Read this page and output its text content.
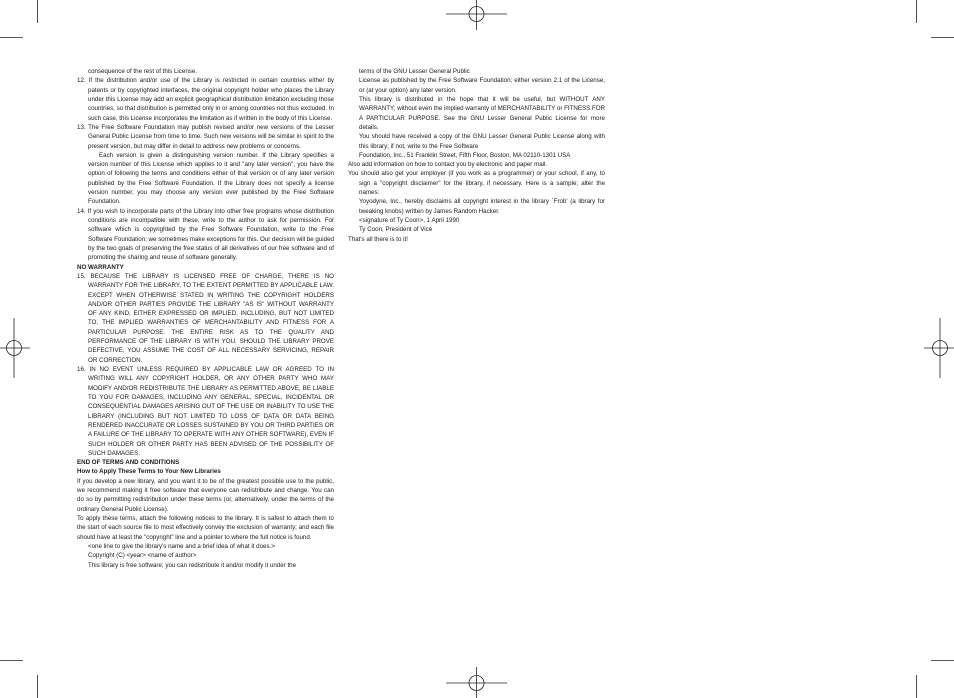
consequence of the rest of this License.

12. If the distribution and/or use of the Library is restricted in certain countries either by patents or by copyrighted interfaces, the original copyright holder who places the Library under this License may add an explicit geographical distribution limitation excluding those countries, so that distribution is permitted only in or among countries not thus excluded. In such case, this License incorporates the limitation as if written in the body of this License.

13. The Free Software Foundation may publish revised and/or new versions of the Lesser General Public License from time to time. Such new versions will be similar in spirit to the present version, but may differ in detail to address new problems or concerns.

Each version is given a distinguishing version number. If the Library specifies a version number of this License which applies to it and "any later version", you have the option of following the terms and conditions either of that version or of any later version published by the Free Software Foundation. If the Library does not specify a license version number, you may choose any version ever published by the Free Software Foundation.

14. If you wish to incorporate parts of the Library into other free programs whose distribution conditions are incompatible with these, write to the author to ask for permission. For software which is copyrighted by the Free Software Foundation, write to the Free Software Foundation; we sometimes make exceptions for this. Our decision will be guided by the two goals of preserving the free status of all derivatives of our free software and of promoting the sharing and reuse of software generally.

NO WARRANTY

15. BECAUSE THE LIBRARY IS LICENSED FREE OF CHARGE, THERE IS NO WARRANTY FOR THE LIBRARY, TO THE EXTENT PERMITTED BY APPLICABLE LAW. EXCEPT WHEN OTHERWISE STATED IN WRITING THE COPYRIGHT HOLDERS AND/OR OTHER PARTIES PROVIDE THE LIBRARY "AS IS" WITHOUT WARRANTY OF ANY KIND, EITHER EXPRESSED OR IMPLIED, INCLUDING, BUT NOT LIMITED TO, THE IMPLIED WARRANTIES OF MERCHANTABILITY AND FITNESS FOR A PARTICULAR PURPOSE. THE ENTIRE RISK AS TO THE QUALITY AND PERFORMANCE OF THE LIBRARY IS WITH YOU. SHOULD THE LIBRARY PROVE DEFECTIVE, YOU ASSUME THE COST OF ALL NECESSARY SERVICING, REPAIR OR CORRECTION.

16. IN NO EVENT UNLESS REQUIRED BY APPLICABLE LAW OR AGREED TO IN WRITING WILL ANY COPYRIGHT HOLDER, OR ANY OTHER PARTY WHO MAY MODIFY AND/OR REDISTRIBUTE THE LIBRARY AS PERMITTED ABOVE, BE LIABLE TO YOU FOR DAMAGES, INCLUDING ANY GENERAL, SPECIAL, INCIDENTAL OR CONSEQUENTIAL DAMAGES ARISING OUT OF THE USE OR INABILITY TO USE THE LIBRARY (INCLUDING BUT NOT LIMITED TO LOSS OF DATA OR DATA BEING RENDERED INACCURATE OR LOSSES SUSTAINED BY YOU OR THIRD PARTIES OR A FAILURE OF THE LIBRARY TO OPERATE WITH ANY OTHER SOFTWARE), EVEN IF SUCH HOLDER OR OTHER PARTY HAS BEEN ADVISED OF THE POSSIBILITY OF SUCH DAMAGES.

END OF TERMS AND CONDITIONS

How to Apply These Terms to Your New Libraries

If you develop a new library, and you want it to be of the greatest possible use to the public, we recommend making it free software that everyone can redistribute and change. You can do so by permitting redistribution under these terms (or, alternatively, under the terms of the ordinary General Public License).

To apply these terms, attach the following notices to the library. It is safest to attach them to the start of each source file to most effectively convey the exclusion of warranty; and each file should have at least the "copyright" line and a pointer to where the full notice is found.

<one line to give the library's name and a brief idea of what it does.>

Copyright (C) <year> <name of author>

This library is free software; you can redistribute it and/or modify it under the

terms of the GNU Lesser General Public

License as published by the Free Software Foundation; either version 2.1 of the License, or (at your option) any later version.

This library is distributed in the hope that it will be useful, but WITHOUT ANY WARRANTY; without even the implied warranty of MERCHANTABILITY or FITNESS FOR A PARTICULAR PURPOSE. See the GNU Lesser General Public License for more details.

You should have received a copy of the GNU Lesser General Public License along with this library; if not, write to the Free Software

Foundation, Inc., 51 Franklin Street, Fifth Floor, Boston, MA 02110-1301 USA

Also add information on how to contact you by electronic and paper mail.

You should also get your employer (if you work as a programmer) or your school, if any, to sign a "copyright disclaimer" for the library, if necessary. Here is a sample; alter the names:

Yoyodyne, Inc., hereby disclaims all copyright interest in the library `Frob' (a library for tweaking knobs) written by James Random Hacker.

<signature of Ty Coon>, 1 April 1990

Ty Coon, President of Vice

That's all there is to it!
